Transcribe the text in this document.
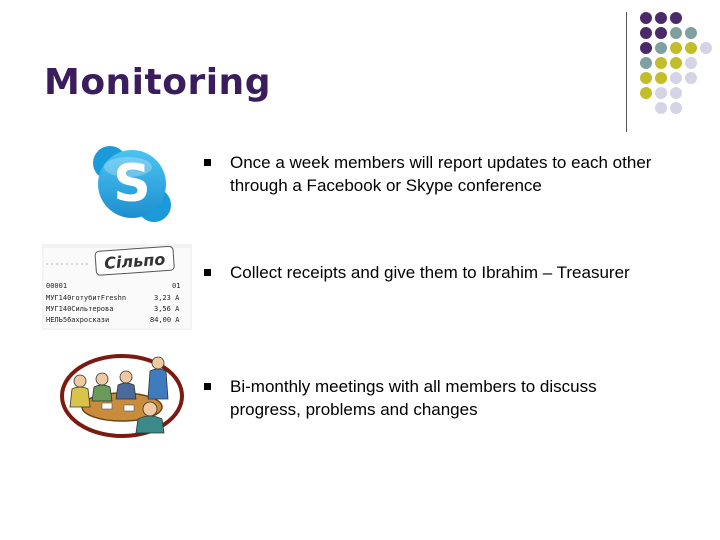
Monitoring
S
Сільпо
00001	01
МУГ140готубитFreshn	3,23 A
МУГ140Сильтерова	3,56 A
НЕЛЬ56ахроскази	84,00 A
Once a week members will report updates to each other through a Facebook or Skype conference
Collect receipts and give them to Ibrahim – Treasurer
Bi-monthly meetings with all members to discuss progress, problems and changes
